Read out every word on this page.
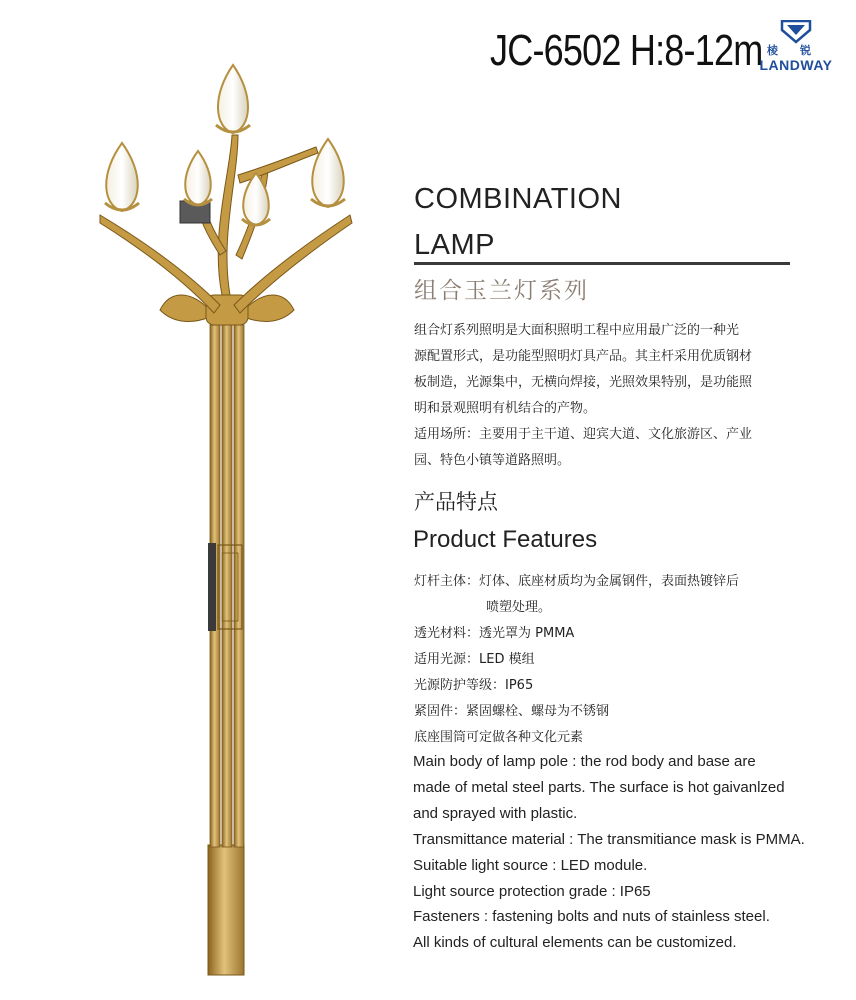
JC-6502 H:8-12m 棱锐
LANDWAY
COMBINATION
LAMP
组合玉兰灯系列

组合灯系列照明是大面积照明工程中应用最广泛的一种光

源配置形式，是功能型照明灯具产品。其主杆采用优质钢材

板制造，光源集中，无横向焊接，光照效果特别，是功能照

明和景观照明有机结合的产物。

适用场所：主要用于主干道、迎宾大道、文化旅游区、产业

园、特色小镇等道路照明。

产品特点
Product Features
灯杆主体：灯体、底座材质均为金属钢件，表面热镀锌后
喷塑处理。
透光材料：透光罩为 PMMA
适用光源：LED 模组
光源防护等级：IP65
紧固件：紧固螺栓、螺母为不锈钢
底座围筒可定做各种文化元素

Main body of lamp pole : the rod body and base are

made of metal steel parts. The surface is hot gaivanlzed

and sprayed with plastic.

Transmittance material : The transmitiance mask is PMMA.

Suitable light source : LED module.

Light source protection grade : IP65

Fasteners : fastening bolts and nuts of stainless steel.

All kinds of cultural elements can be customized.
